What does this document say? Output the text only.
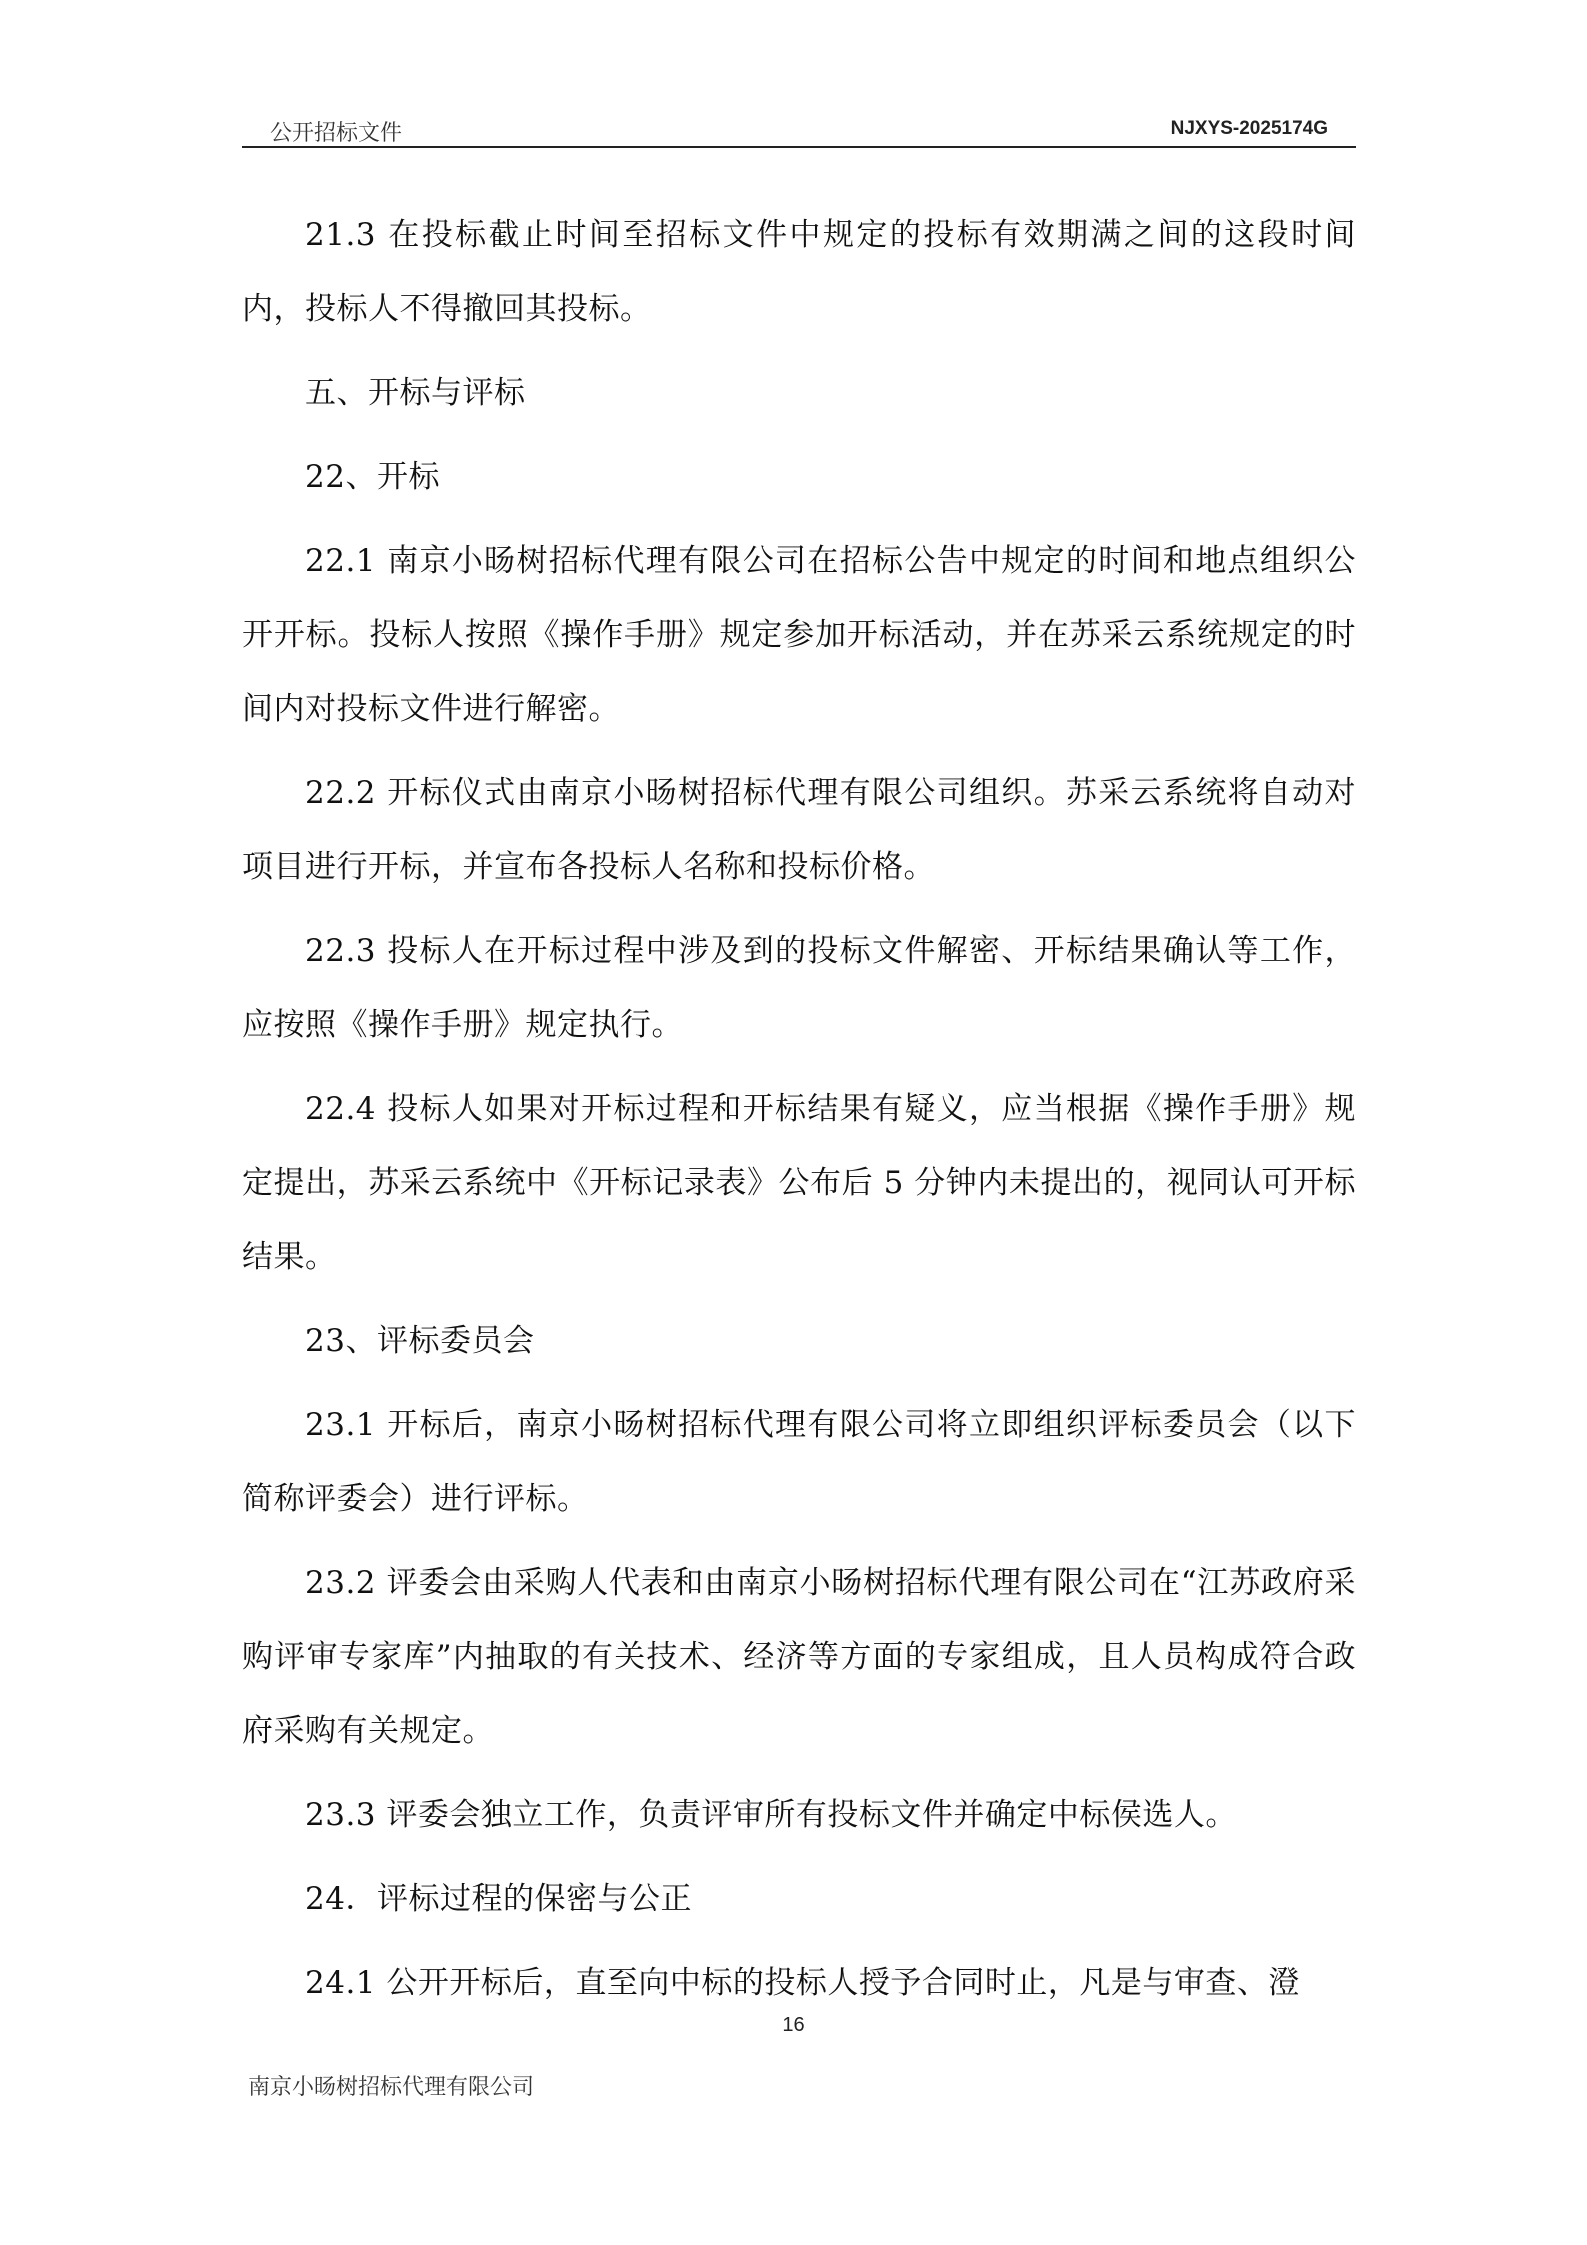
公开招标文件	NJXYS-2025174G

21.3 在投标截止时间至招标文件中规定的投标有效期满之间的这段时间内，投标人不得撤回其投标。

五、开标与评标

22、开标

22.1 南京小旸树招标代理有限公司在招标公告中规定的时间和地点组织公开开标。投标人按照《操作手册》规定参加开标活动，并在苏采云系统规定的时间内对投标文件进行解密。

22.2 开标仪式由南京小旸树招标代理有限公司组织。苏采云系统将自动对项目进行开标，并宣布各投标人名称和投标价格。

22.3 投标人在开标过程中涉及到的投标文件解密、开标结果确认等工作，应按照《操作手册》规定执行。

22.4 投标人如果对开标过程和开标结果有疑义，应当根据《操作手册》规定提出，苏采云系统中《开标记录表》公布后 5 分钟内未提出的，视同认可开标结果。

23、评标委员会

23.1 开标后，南京小旸树招标代理有限公司将立即组织评标委员会（以下简称评委会）进行评标。

23.2 评委会由采购人代表和由南京小旸树招标代理有限公司在“江苏政府采购评审专家库”内抽取的有关技术、经济等方面的专家组成，且人员构成符合政府采购有关规定。

23.3 评委会独立工作，负责评审所有投标文件并确定中标侯选人。

24．评标过程的保密与公正

24.1 公开开标后，直至向中标的投标人授予合同时止，凡是与审查、澄

16
南京小旸树招标代理有限公司
